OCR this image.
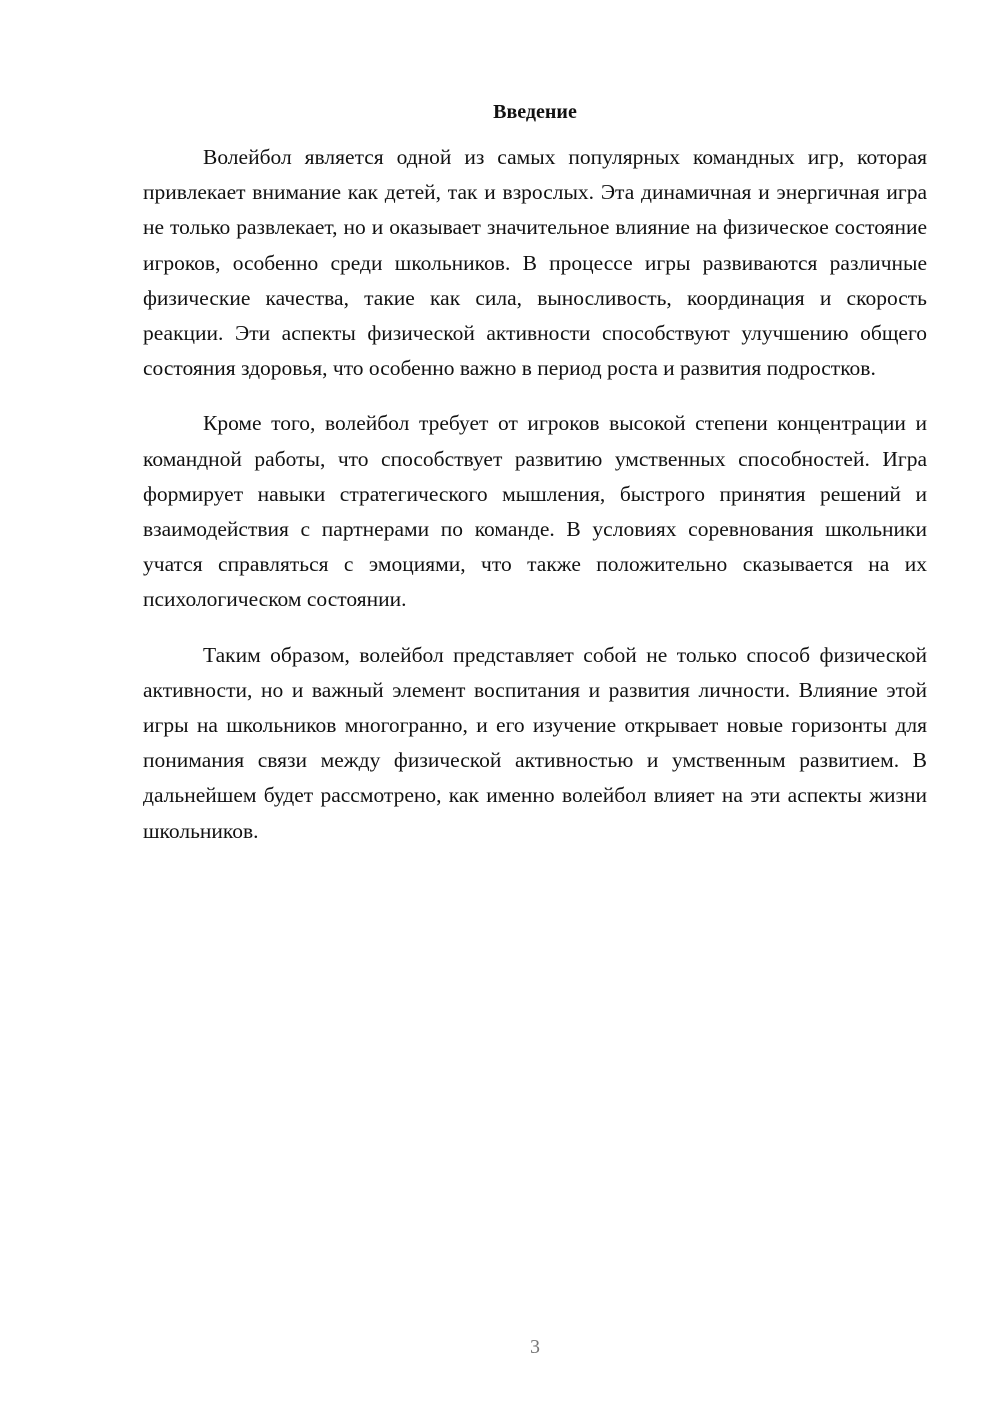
Введение

Волейбол является одной из самых популярных командных игр, которая привлекает внимание как детей, так и взрослых. Эта динамичная и энергичная игра не только развлекает, но и оказывает значительное влияние на физическое состояние игроков, особенно среди школьников. В процессе игры развиваются различные физические качества, такие как сила, выносливость, координация и скорость реакции. Эти аспекты физической активности способствуют улучшению общего состояния здоровья, что особенно важно в период роста и развития подростков.

Кроме того, волейбол требует от игроков высокой степени концентрации и командной работы, что способствует развитию умственных способностей. Игра формирует навыки стратегического мышления, быстрого принятия решений и взаимодействия с партнерами по команде. В условиях соревнования школьники учатся справляться с эмоциями, что также положительно сказывается на их психологическом состоянии.

Таким образом, волейбол представляет собой не только способ физической активности, но и важный элемент воспитания и развития личности. Влияние этой игры на школьников многогранно, и его изучение открывает новые горизонты для понимания связи между физической активностью и умственным развитием. В дальнейшем будет рассмотрено, как именно волейбол влияет на эти аспекты жизни школьников.

3
